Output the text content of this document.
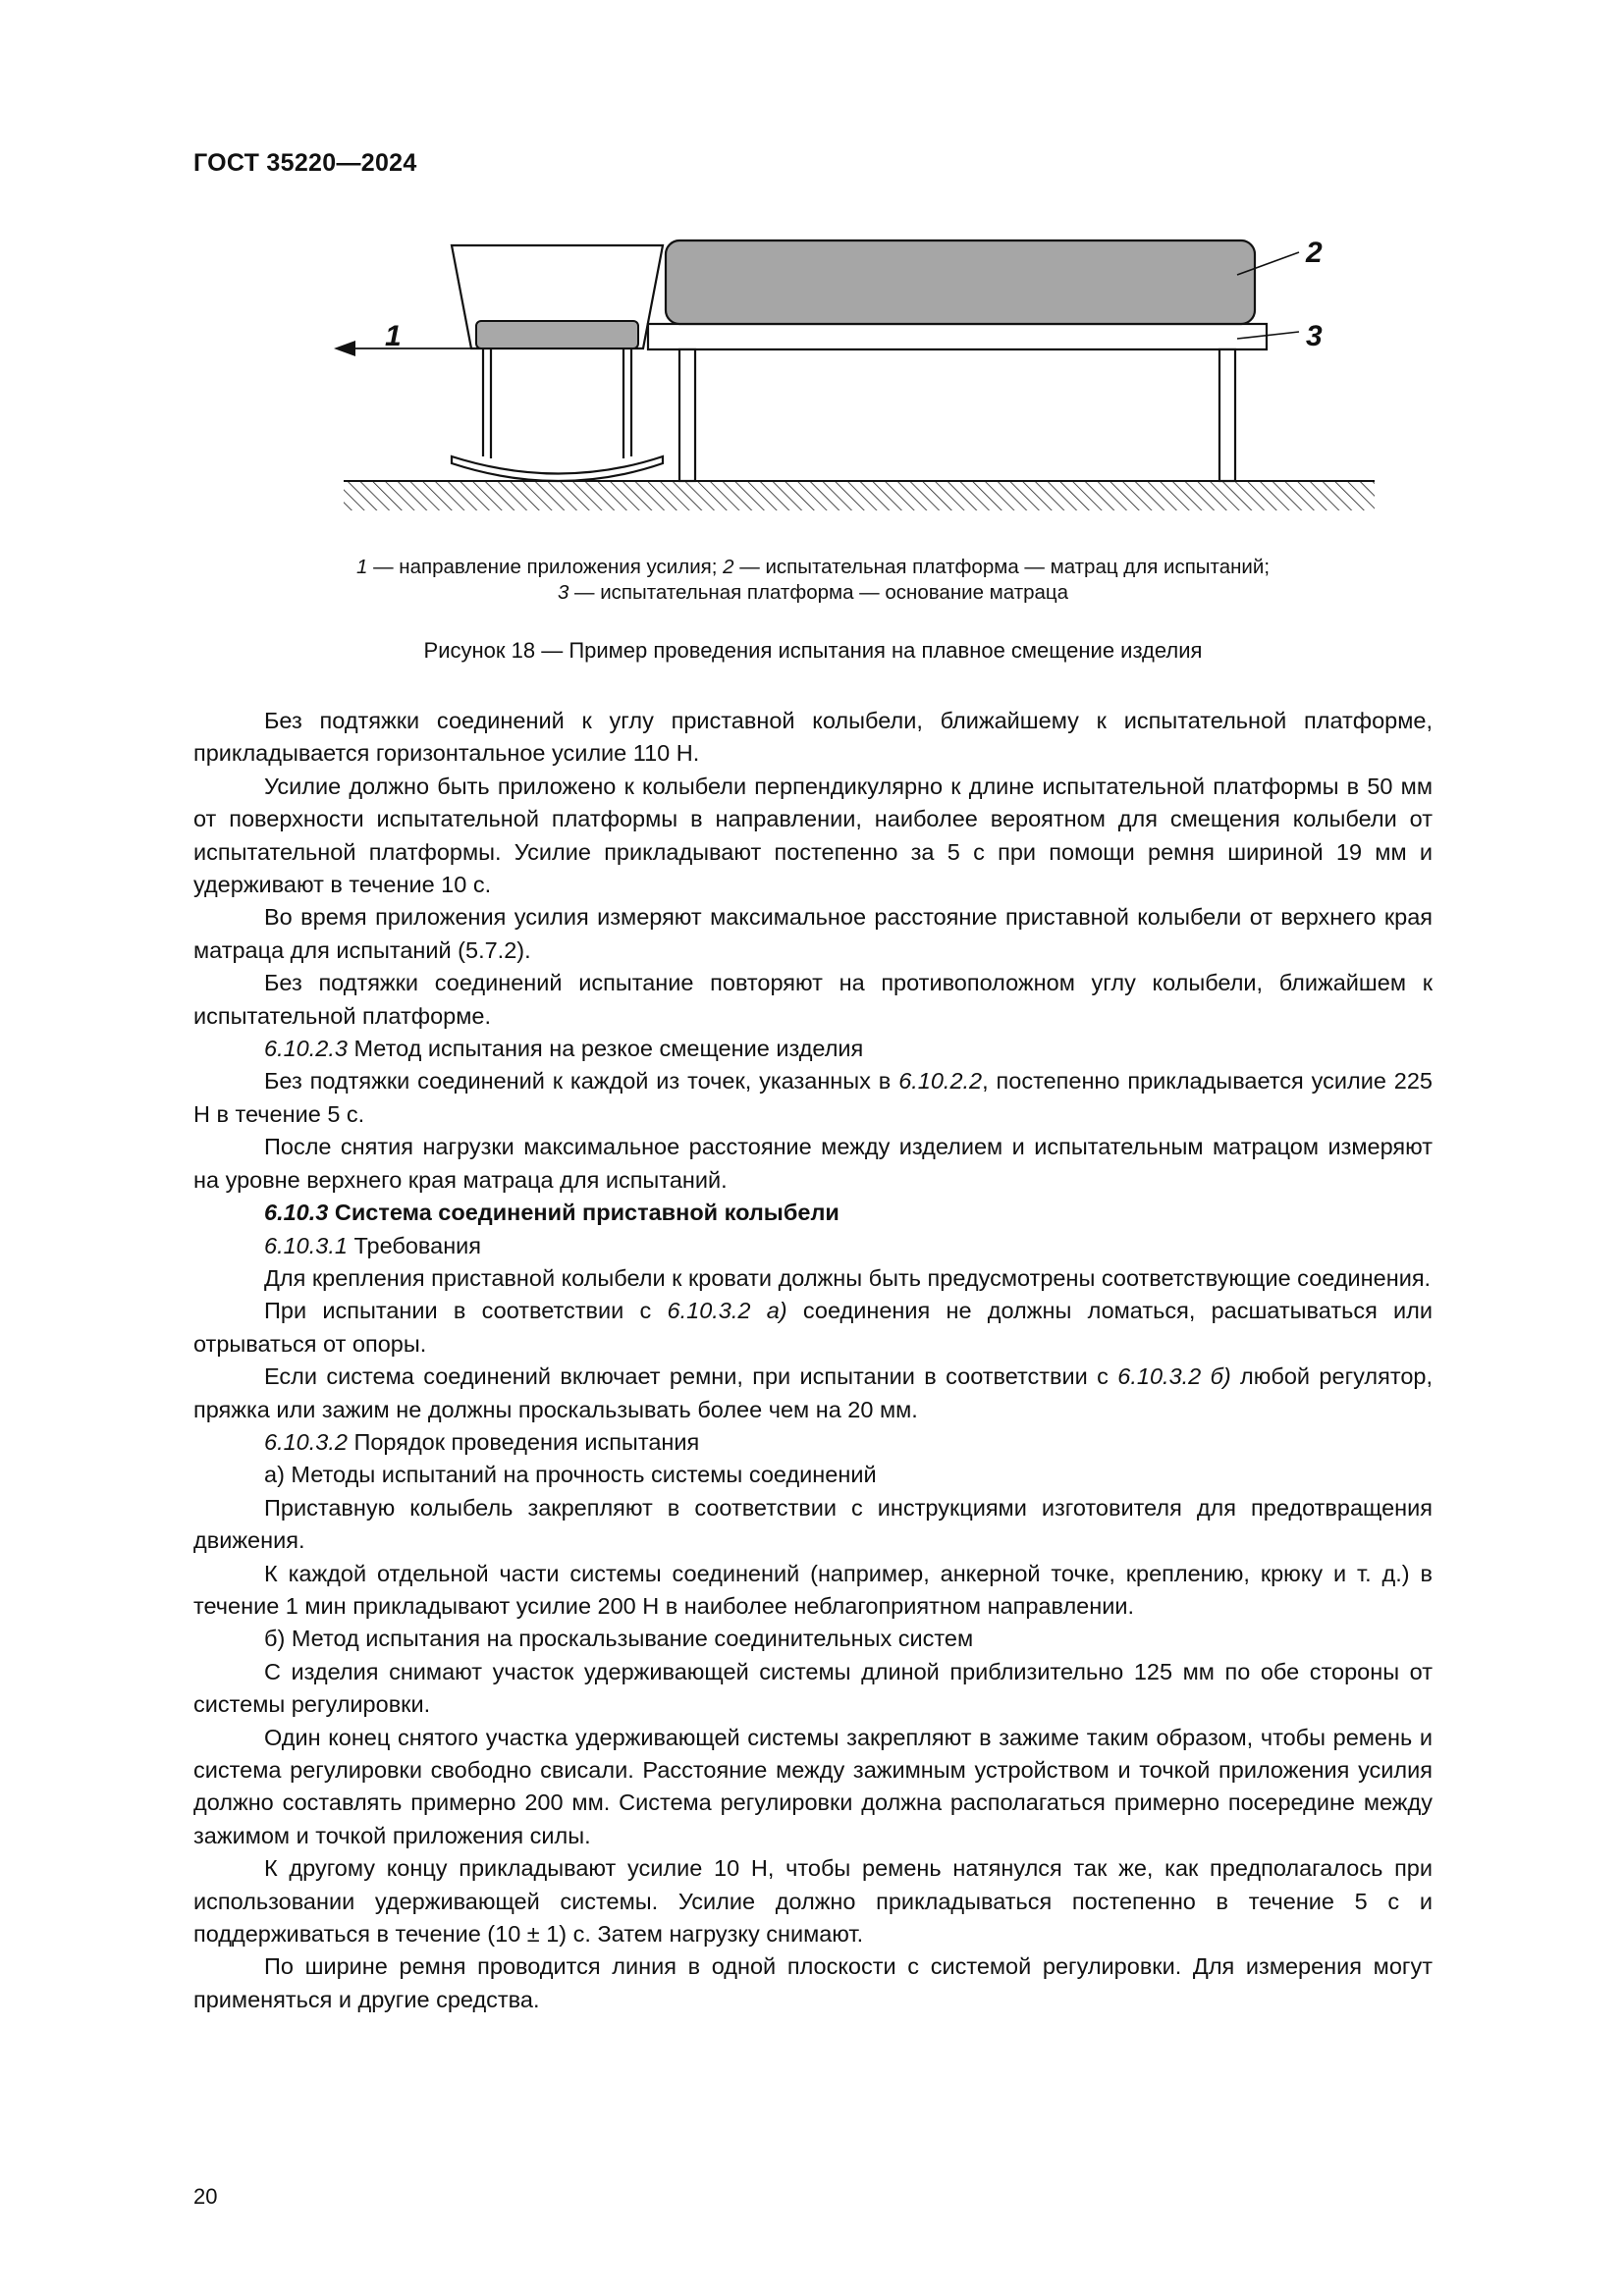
ГОСТ 35220—2024
1
2
3
1 — направление приложения усилия; 2 — испытательная платформа — матрац для испытаний;
3 — испытательная платформа — основание матраца
Рисунок 18 — Пример проведения испытания на плавное смещение изделия

Без подтяжки соединений к углу приставной колыбели, ближайшему к испытательной платформе, прикладывается горизонтальное усилие 110 Н.

Усилие должно быть приложено к колыбели перпендикулярно к длине испытательной платформы в 50 мм от поверхности испытательной платформы в направлении, наиболее вероятном для смещения колыбели от испытательной платформы. Усилие прикладывают постепенно за 5 с при помощи ремня шириной 19 мм и удерживают в течение 10 с.

Во время приложения усилия измеряют максимальное расстояние приставной колыбели от верхнего края матраца для испытаний (5.7.2).

Без подтяжки соединений испытание повторяют на противоположном углу колыбели, ближайшем к испытательной платформе.

6.10.2.3 Метод испытания на резкое смещение изделия

Без подтяжки соединений к каждой из точек, указанных в 6.10.2.2, постепенно прикладывается усилие 225 Н в течение 5 с.

После снятия нагрузки максимальное расстояние между изделием и испытательным матрацом измеряют на уровне верхнего края матраца для испытаний.

6.10.3 Система соединений приставной колыбели

6.10.3.1 Требования

Для крепления приставной колыбели к кровати должны быть предусмотрены соответствующие соединения.

При испытании в соответствии с 6.10.3.2 а) соединения не должны ломаться, расшатываться или отрываться от опоры.

Если система соединений включает ремни, при испытании в соответствии с 6.10.3.2 б) любой регулятор, пряжка или зажим не должны проскальзывать более чем на 20 мм.

6.10.3.2 Порядок проведения испытания

а) Методы испытаний на прочность системы соединений

Приставную колыбель закрепляют в соответствии с инструкциями изготовителя для предотвращения движения.

К каждой отдельной части системы соединений (например, анкерной точке, креплению, крюку и т. д.) в течение 1 мин прикладывают усилие 200 Н в наиболее неблагоприятном направлении.

б) Метод испытания на проскальзывание соединительных систем

С изделия снимают участок удерживающей системы длиной приблизительно 125 мм по обе стороны от системы регулировки.

Один конец снятого участка удерживающей системы закрепляют в зажиме таким образом, чтобы ремень и система регулировки свободно свисали. Расстояние между зажимным устройством и точкой приложения усилия должно составлять примерно 200 мм. Система регулировки должна располагаться примерно посередине между зажимом и точкой приложения силы.

К другому концу прикладывают усилие 10 Н, чтобы ремень натянулся так же, как предполагалось при использовании удерживающей системы. Усилие должно прикладываться постепенно в течение 5 с и поддерживаться в течение (10 ± 1) с. Затем нагрузку снимают.

По ширине ремня проводится линия в одной плоскости с системой регулировки. Для измерения могут применяться и другие средства.

20
